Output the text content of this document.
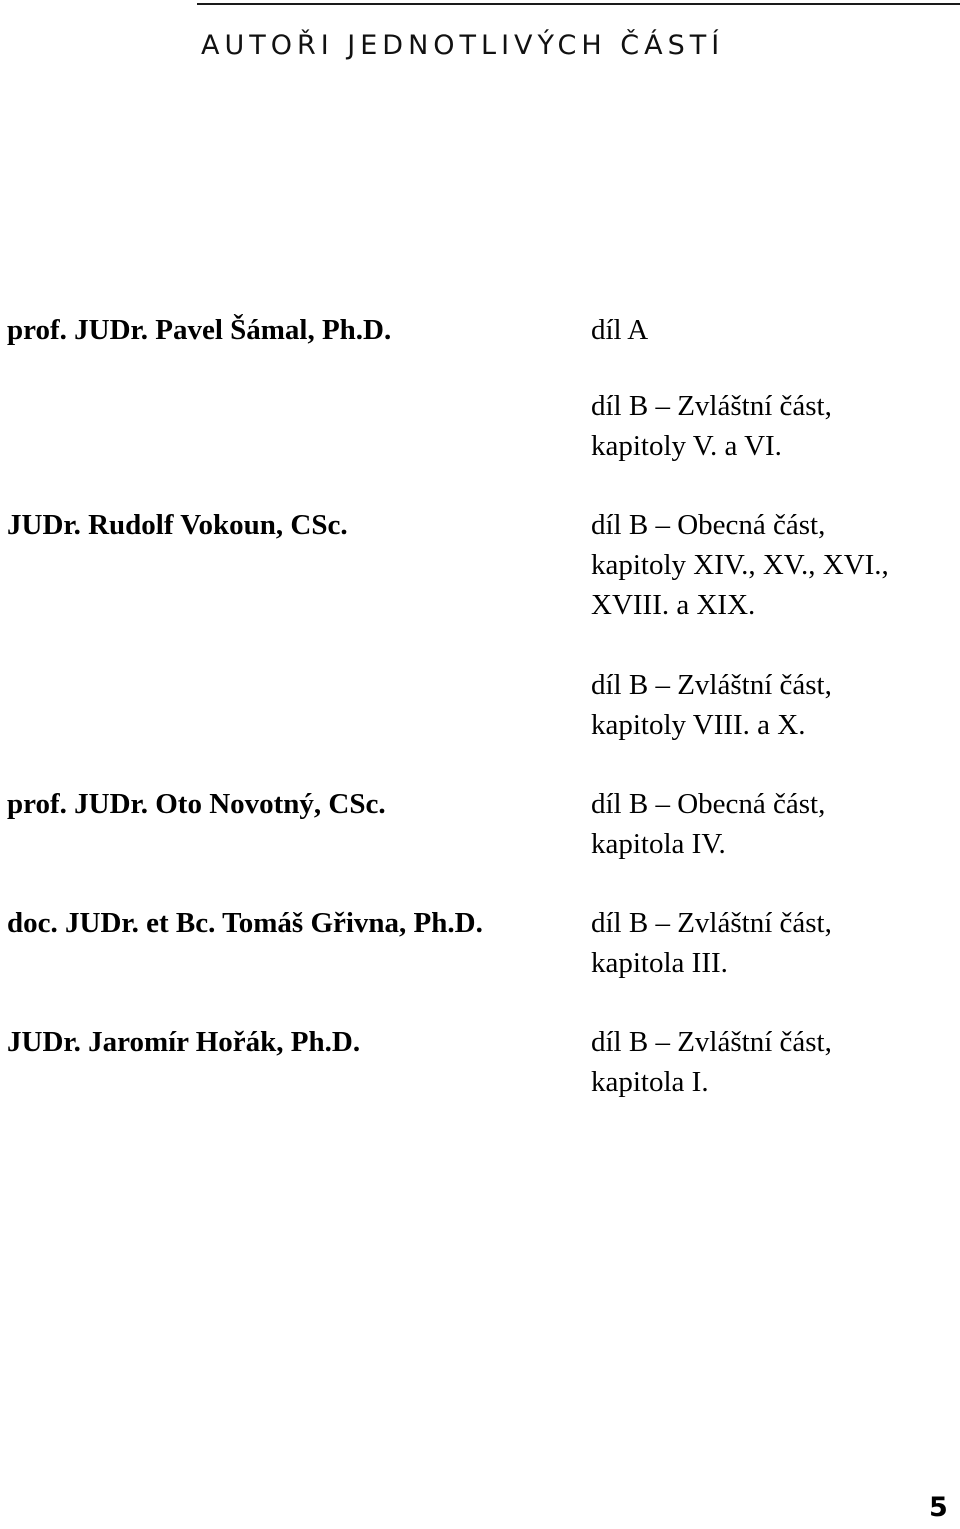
AUTOŘI JEDNOTLIVÝCH ČÁSTÍ
prof. JUDr. Pavel Šámal, Ph.D.
JUDr. Rudolf Vokoun, CSc.
prof. JUDr. Oto Novotný, CSc.
doc. JUDr. et Bc. Tomáš Gřivna, Ph.D.
JUDr. Jaromír Hořák, Ph.D.
díl A
díl B – Zvláštní část,
kapitoly V. a VI.
díl B – Obecná část,
kapitoly XIV., XV., XVI.,
XVIII. a XIX.
díl B – Zvláštní část,
kapitoly VIII. a X.
díl B – Obecná část,
kapitola IV.
díl B – Zvláštní část,
kapitola III.
díl B – Zvláštní část,
kapitola I.
5
